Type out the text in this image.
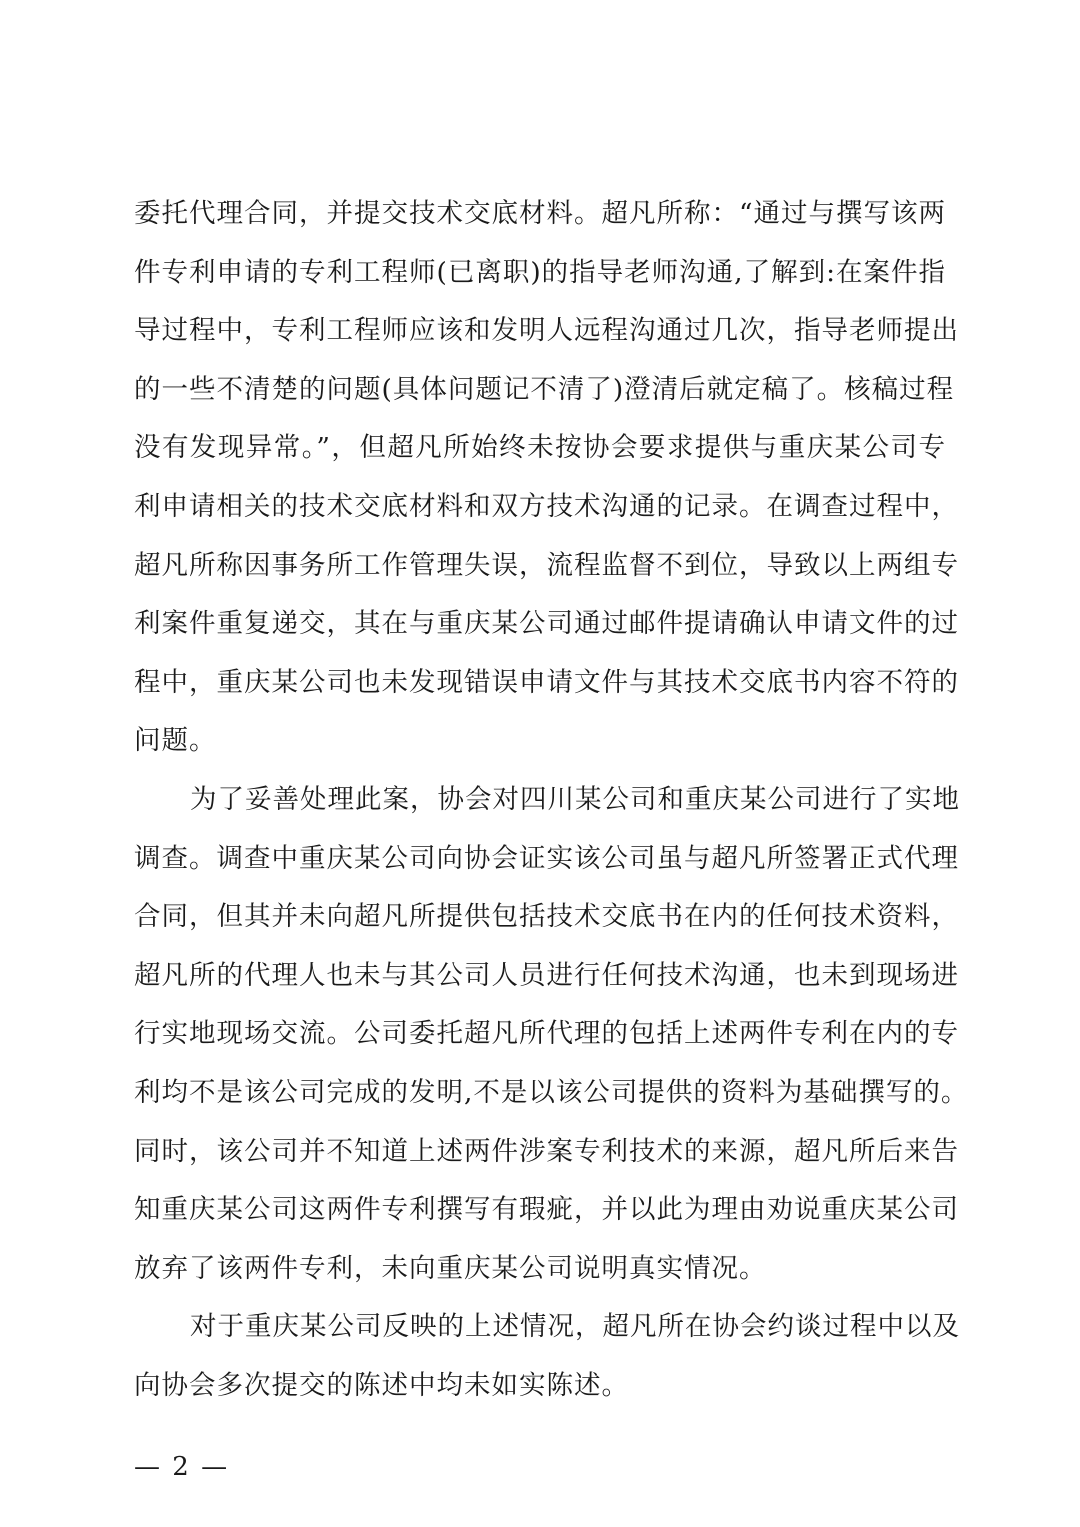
委托代理合同，并提交技术交底材料。超凡所称：“通过与撰写该两
件专利申请的专利工程师(已离职)的指导老师沟通,了解到:在案件指
导过程中，专利工程师应该和发明人远程沟通过几次，指导老师提出
的一些不清楚的问题(具体问题记不清了)澄清后就定稿了。核稿过程
没有发现异常。”，但超凡所始终未按协会要求提供与重庆某公司专
利申请相关的技术交底材料和双方技术沟通的记录。在调查过程中，
超凡所称因事务所工作管理失误，流程监督不到位，导致以上两组专
利案件重复递交，其在与重庆某公司通过邮件提请确认申请文件的过
程中，重庆某公司也未发现错误申请文件与其技术交底书内容不符的
问题。
为了妥善处理此案，协会对四川某公司和重庆某公司进行了实地
调查。调查中重庆某公司向协会证实该公司虽与超凡所签署正式代理
合同，但其并未向超凡所提供包括技术交底书在内的任何技术资料，
超凡所的代理人也未与其公司人员进行任何技术沟通，也未到现场进
行实地现场交流。公司委托超凡所代理的包括上述两件专利在内的专
利均不是该公司完成的发明,不是以该公司提供的资料为基础撰写的。
同时，该公司并不知道上述两件涉案专利技术的来源，超凡所后来告
知重庆某公司这两件专利撰写有瑕疵，并以此为理由劝说重庆某公司
放弃了该两件专利，未向重庆某公司说明真实情况。
对于重庆某公司反映的上述情况，超凡所在协会约谈过程中以及
向协会多次提交的陈述中均未如实陈述。
— 2 —
